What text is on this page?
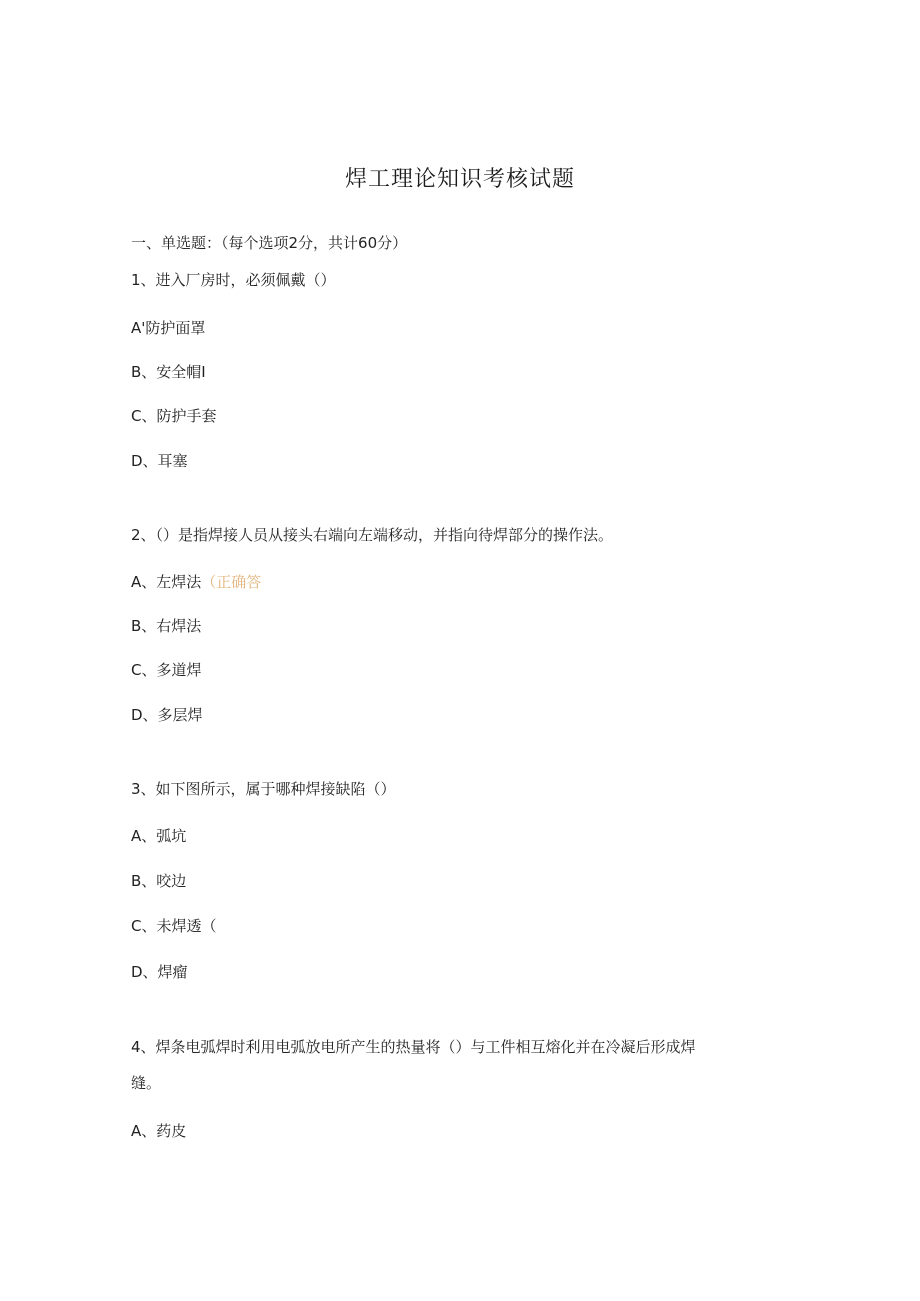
焊工理论知识考核试题
一、单选题：（每个选项2分，共计60分）
1、进入厂房时，必须佩戴（）
A'防护面罩
B、安全帽I
C、防护手套
D、耳塞
2、（）是指焊接人员从接头右端向左端移动，并指向待焊部分的操作法。
A、左焊法（正确答
B、右焊法
C、多道焊
D、多层焊
3、如下图所示，属于哪种焊接缺陷（）
A、弧坑
B、咬边
C、未焊透（
D、焊瘤
4、焊条电弧焊时利用电弧放电所产生的热量将（）与工件相互熔化并在冷凝后形成焊
缝。
A、药皮
